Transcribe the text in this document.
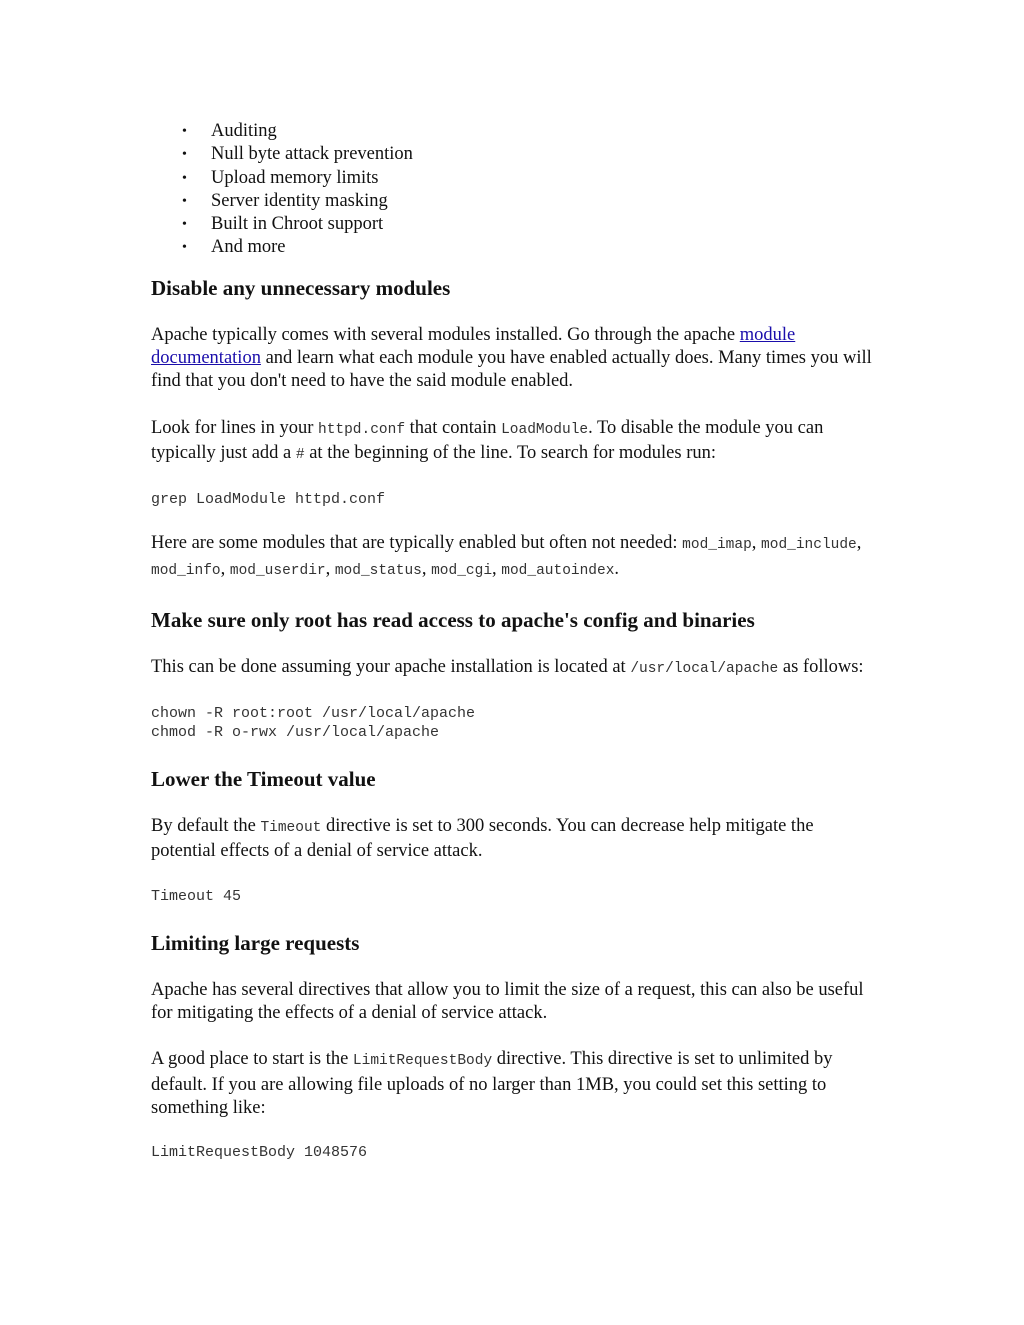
• Auditing
• Null byte attack prevention
• Upload memory limits
• Server identity masking
• Built in Chroot support
• And more
Disable any unnecessary modules

Apache typically comes with several modules installed. Go through the apache module documentation and learn what each module you have enabled actually does. Many times you will find that you don't need to have the said module enabled.

Look for lines in your httpd.conf that contain LoadModule. To disable the module you can typically just add a # at the beginning of the line. To search for modules run:

grep LoadModule httpd.conf

Here are some modules that are typically enabled but often not needed: mod_imap, mod_include, mod_info, mod_userdir, mod_status, mod_cgi, mod_autoindex.

Make sure only root has read access to apache's config and binaries

This can be done assuming your apache installation is located at /usr/local/apache as follows:

chown -R root:root /usr/local/apache
chmod -R o-rwx /usr/local/apache
Lower the Timeout value

By default the Timeout directive is set to 300 seconds. You can decrease help mitigate the potential effects of a denial of service attack.

Timeout 45
Limiting large requests

Apache has several directives that allow you to limit the size of a request, this can also be useful for mitigating the effects of a denial of service attack.

A good place to start is the LimitRequestBody directive. This directive is set to unlimited by default. If you are allowing file uploads of no larger than 1MB, you could set this setting to something like:

LimitRequestBody 1048576
